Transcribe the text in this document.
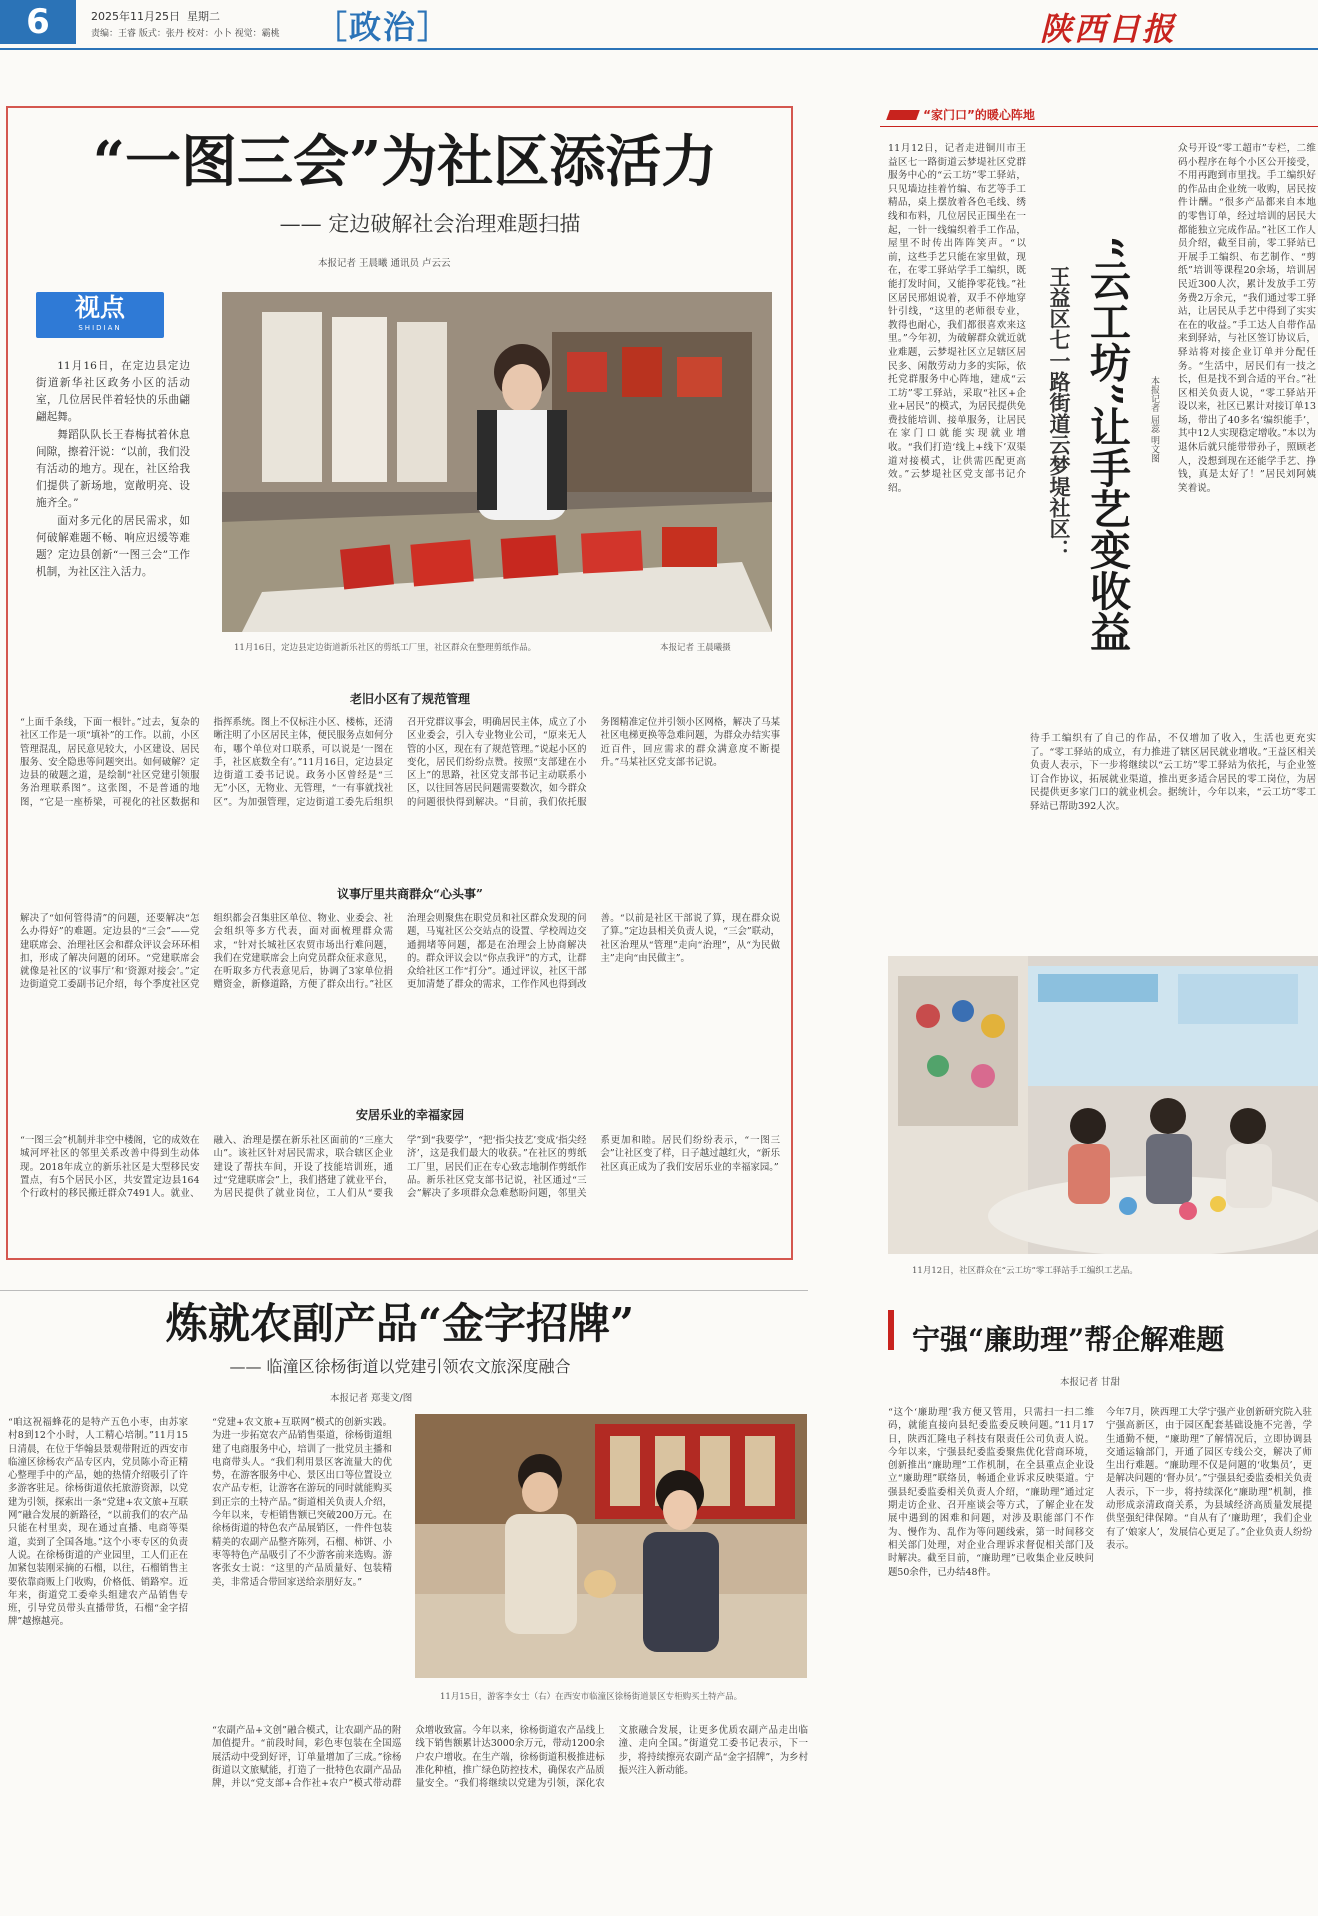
6	2025年11月25日 星期二
责编：王睿 版式：张丹 校对：小卜 视觉：霸桃 ［政治］	陕西日报
“一图三会”为社区添活力
—— 定边破解社会治理难题扫描
本报记者 王晨曦 通讯员 卢云云
视点
SHIDIAN

11月16日，在定边县定边街道新华社区政务小区的活动室，几位居民伴着轻快的乐曲翩翩起舞。

舞蹈队队长王春梅拭着休息间隙，擦着汗说：“以前，我们没有活动的地方。现在，社区给我们提供了新场地，宽敞明亮、设施齐全。”

面对多元化的居民需求，如何破解难题不畅、响应迟缓等难题？定边县创新“一图三会”工作机制，为社区注入活力。

11月16日，定边县定边街道新乐社区的剪纸工厂里，社区群众在整理剪纸作品。	本报记者 王晨曦摄
老旧小区有了规范管理
“上面千条线，下面一根针。”过去，复杂的社区工作是一项“填补”的工作。以前，小区管理混乱，居民意见较大，小区建设、居民服务、安全隐患等问题突出。如何破解？定边县的破题之道，是绘制“社区党建引领服务治理联系图”。这张图，不是普通的地图，“它是一座桥梁，可视化的社区数据和指挥系统。图上不仅标注小区、楼栋，还清晰注明了小区居民主体，便民服务点如何分布，哪个单位对口联系，可以说是‘一图在手，社区底数全有’。”11月16日，定边县定边街道工委书记说。政务小区曾经是“三无”小区，无物业、无管理，“一有事就找社区”。为加强管理，定边街道工委先后组织召开党群议事会，明确居民主体，成立了小区业委会，引入专业物业公司，“原来无人管的小区，现在有了规范管理。”说起小区的变化，居民们纷纷点赞。按照“支部建在小区上”的思路，社区党支部书记主动联系小区，以往回答居民问题需要数次，如今群众的问题很快得到解决。“目前，我们依托服务图精准定位并引领小区网格，解决了马某社区电梯更换等急难问题，为群众办结实事近百件，回应需求的群众满意度不断提升。”马某社区党支部书记说。
议事厅里共商群众“心头事”
解决了“如何管得清”的问题，还要解决“怎么办得好”的难题。定边县的“三会”——党建联席会、治理社区会和群众评议会环环相扣，形成了解决问题的闭环。“党建联席会就像是社区的‘议事厅’和‘资源对接会’。”定边街道党工委副书记介绍，每个季度社区党组织都会召集驻区单位、物业、业委会、社会组织等多方代表，面对面梳理群众需求，“针对长城社区农贸市场出行难问题，我们在党建联席会上向党员群众征求意见，在听取多方代表意见后，协调了3家单位捐赠资金，新修道路，方便了群众出行。”社区治理会则聚焦在职党员和社区群众发现的问题，马嵬社区公交站点的设置、学校周边交通拥堵等问题，都是在治理会上协商解决的。群众评议会以“你点我评”的方式，让群众给社区工作“打分”。通过评议，社区干部更加清楚了群众的需求，工作作风也得到改善。“以前是社区干部说了算，现在群众说了算。”定边县相关负责人说，“三会”联动，社区治理从“管理”走向“治理”，从“为民做主”走向“由民做主”。
安居乐业的幸福家园
“一图三会”机制并非空中楼阁，它的成效在城河坪社区的邻里关系改善中得到生动体现。2018年成立的新乐社区是大型移民安置点，有5个居民小区，共安置定边县164个行政村的移民搬迁群众7491人。就业、融入、治理是摆在新乐社区面前的“三座大山”。该社区针对居民需求，联合辖区企业建设了帮扶车间，开设了技能培训班，通过“党建联席会”上，我们搭建了就业平台，为居民提供了就业岗位，工人们从“要我学”到“我要学”，“把‘指尖技艺’变成‘指尖经济’，这是我们最大的收获。”在社区的剪纸工厂里，居民们正在专心致志地制作剪纸作品。新乐社区党支部书记说，社区通过“三会”解决了多项群众急难愁盼问题，邻里关系更加和睦。居民们纷纷表示，“一图三会”让社区变了样，日子越过越红火，“新乐社区真正成为了我们安居乐业的幸福家园。”
“家门口”的暖心阵地
11月12日，记者走进铜川市王益区七一路街道云梦堤社区党群服务中心的“云工坊”零工驿站，只见墙边挂着竹编、布艺等手工精品，桌上摆放着各色毛线、绣线和布料，几位居民正围坐在一起，一针一线编织着手工作品，屋里不时传出阵阵笑声。“以前，这些手艺只能在家里做，现在，在零工驿站学手工编织，既能打发时间，又能挣零花钱。”社区居民邢姐说着，双手不停地穿针引线，“这里的老师很专业，教得也耐心，我们都很喜欢来这里。”今年初，为破解群众就近就业难题，云梦堤社区立足辖区居民多、闲散劳动力多的实际，依托党群服务中心阵地，建成“云工坊”零工驿站，采取“社区+企业+居民”的模式，为居民提供免费技能培训、接单服务，让居民在家门口就能实现就业增收。“我们打造‘线上+线下’双渠道对接模式，让供需匹配更高效。”云梦堤社区党支部书记介绍。	“云工坊”让手艺变收益
王益区七一路街道云梦堤社区：	本报记者 屈蕊 明文图
众号开设“零工超市”专栏，二维码小程序在每个小区公开接受，不用再跑到市里找。手工编织好的作品由企业统一收购，居民按件计酬。“很多产品都来自本地的零售订单，经过培训的居民大都能独立完成作品。”社区工作人员介绍，截至目前，零工驿站已开展手工编织、布艺制作、“剪纸”培训等课程20余场，培训居民近300人次，累计发放手工劳务费2万余元，“我们通过零工驿站，让居民从手艺中得到了实实在在的收益。”手工达人自带作品来到驿站，与社区签订协议后，驿站将对接企业订单并分配任务。“生活中，居民们有一技之长，但是找不到合适的平台。”社区相关负责人说，“零工驿站开设以来，社区已累计对接订单13场，带出了40多名‘编织能手’，其中12人实现稳定增收。”本以为退休后就只能带带孙子，照顾老人，没想到现在还能学手艺、挣钱，真是太好了！”居民刘阿姨笑着说。
待手工编织有了自己的作品，不仅增加了收入，生活也更充实了。“零工驿站的成立，有力推进了辖区居民就业增收。”王益区相关负责人表示，下一步将继续以“云工坊”零工驿站为依托，与企业签订合作协议，拓展就业渠道，推出更多适合居民的零工岗位，为居民提供更多家门口的就业机会。据统计，今年以来，“云工坊”零工驿站已帮助392人次。
11月12日，社区群众在“云工坊”零工驿站手工编织工艺品。
炼就农副产品“金字招牌”
—— 临潼区徐杨街道以党建引领农文旅深度融合
本报记者 郑斐文/图
“咱这祝福蜂花的是特产五色小枣，由苏家村8到12个小时，人工精心培制。”11月15日清晨，在位于华翰县景观带附近的西安市临潼区徐杨农产品专区内，党员陈小奇正精心整理手中的产品，她的热情介绍吸引了许多游客驻足。徐杨街道依托旅游资源，以党建为引领，探索出一条“党建+农文旅+互联网”融合发展的新路径，“以前我们的农产品只能在村里卖，现在通过直播、电商等渠道，卖到了全国各地。”这个小枣专区的负责人说。在徐杨街道的产业园里，工人们正在加紧包装刚采摘的石榴，以往，石榴销售主要依靠商贩上门收购，价格低、销路窄。近年来，街道党工委牵头组建农产品销售专班，引导党员带头直播带货，石榴“金字招牌”越擦越亮。
“党建+农文旅+互联网”模式的创新实践。为进一步拓宽农产品销售渠道，徐杨街道组建了电商服务中心，培训了一批党员主播和电商带头人。“我们利用景区客流量大的优势，在游客服务中心、景区出口等位置设立农产品专柜，让游客在游玩的同时就能购买到正宗的土特产品。”街道相关负责人介绍，今年以来，专柜销售额已突破200万元。在徐杨街道的特色农产品展销区，一件件包装精美的农副产品整齐陈列，石榴、柿饼、小枣等特色产品吸引了不少游客前来选购。游客张女士说：“这里的产品质量好、包装精美，非常适合带回家送给亲朋好友。”
11月15日，游客李女士（右）在西安市临潼区徐杨街道景区专柜购买土特产品。
“农副产品+文创”融合模式，让农副产品的附加值提升。“前段时间，彩色枣包装在全国巡展活动中受到好评，订单量增加了三成。”徐杨街道以文旅赋能，打造了一批特色农副产品品牌，并以“党支部+合作社+农户”模式带动群众增收致富。今年以来，徐杨街道农产品线上线下销售额累计达3000余万元，带动1200余户农户增收。在生产端，徐杨街道积极推进标准化种植，推广绿色防控技术，确保农产品质量安全。“我们将继续以党建为引领，深化农文旅融合发展，让更多优质农副产品走出临潼、走向全国。”街道党工委书记表示，下一步，将持续擦亮农副产品“金字招牌”，为乡村振兴注入新动能。
宁强“廉助理”帮企解难题
本报记者 甘甜
“这个‘廉助理’我方便又管用，只需扫一扫二维码，就能直接向县纪委监委反映问题。”11月17日，陕西汇隆电子科技有限责任公司负责人说。今年以来，宁强县纪委监委聚焦优化营商环境，创新推出“廉助理”工作机制，在全县重点企业设立“廉助理”联络员，畅通企业诉求反映渠道。宁强县纪委监委相关负责人介绍，“廉助理”通过定期走访企业、召开座谈会等方式，了解企业在发展中遇到的困难和问题，对涉及职能部门不作为、慢作为、乱作为等问题线索，第一时间移交相关部门处理，对企业合理诉求督促相关部门及时解决。截至目前，“廉助理”已收集企业反映问题50余件，已办结48件。
今年7月，陕西理工大学宁强产业创新研究院入驻宁强高新区，由于园区配套基础设施不完善，学生通勤不便，“廉助理”了解情况后，立即协调县交通运输部门，开通了园区专线公交，解决了师生出行难题。“廉助理不仅是问题的‘收集员’，更是解决问题的‘督办员’。”宁强县纪委监委相关负责人表示，下一步，将持续深化“廉助理”机制，推动形成亲清政商关系，为县域经济高质量发展提供坚强纪律保障。“自从有了‘廉助理’，我们企业有了‘娘家人’，发展信心更足了。”企业负责人纷纷表示。
